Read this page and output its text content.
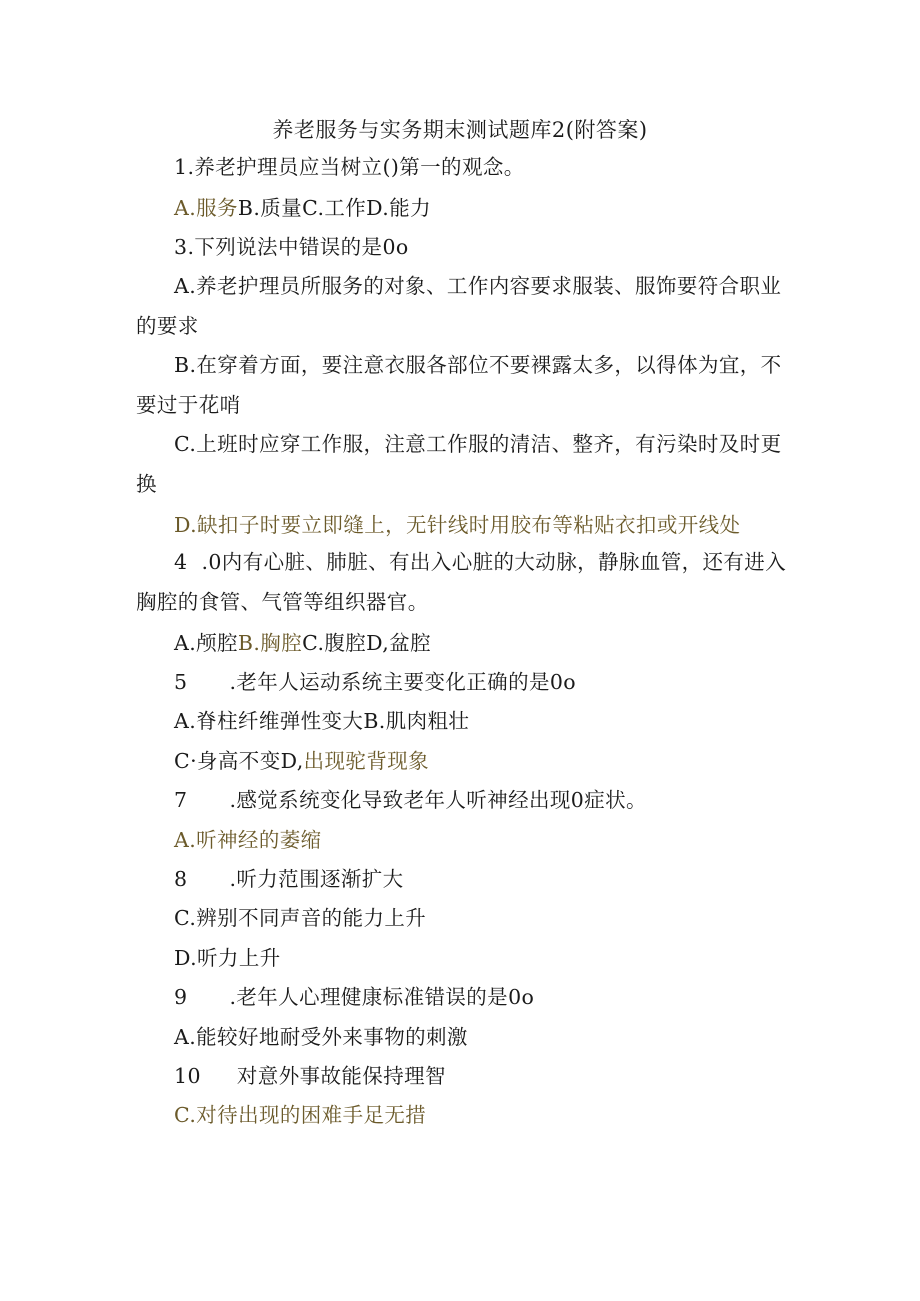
养老服务与实务期末测试题库2(附答案)
1.养老护理员应当树立()第一的观念。
A.服务B.质量C.工作D.能力
3.下列说法中错误的是0o
A.养老护理员所服务的对象、工作内容要求服装、服饰要符合职业的要求
B.在穿着方面，要注意衣服各部位不要裸露太多，以得体为宜，不要过于花哨
C.上班时应穿工作服，注意工作服的清洁、整齐，有污染时及时更换
D.缺扣子时要立即缝上，无针线时用胶布等粘贴衣扣或开线处
4 .0内有心脏、肺脏、有出入心脏的大动脉，静脉血管，还有进入胸腔的食管、气管等组织器官。
A.颅腔B.胸腔C.腹腔D,盆腔
5 .老年人运动系统主要变化正确的是0o
A.脊柱纤维弹性变大B.肌肉粗壮
C·身高不变D,出现驼背现象
7 .感觉系统变化导致老年人听神经出现0症状。
A.听神经的萎缩
8 .听力范围逐渐扩大
C.辨别不同声音的能力上升
D.听力上升
9 .老年人心理健康标准错误的是0o
A.能较好地耐受外来事物的刺激
10 对意外事故能保持理智
C.对待出现的困难手足无措
